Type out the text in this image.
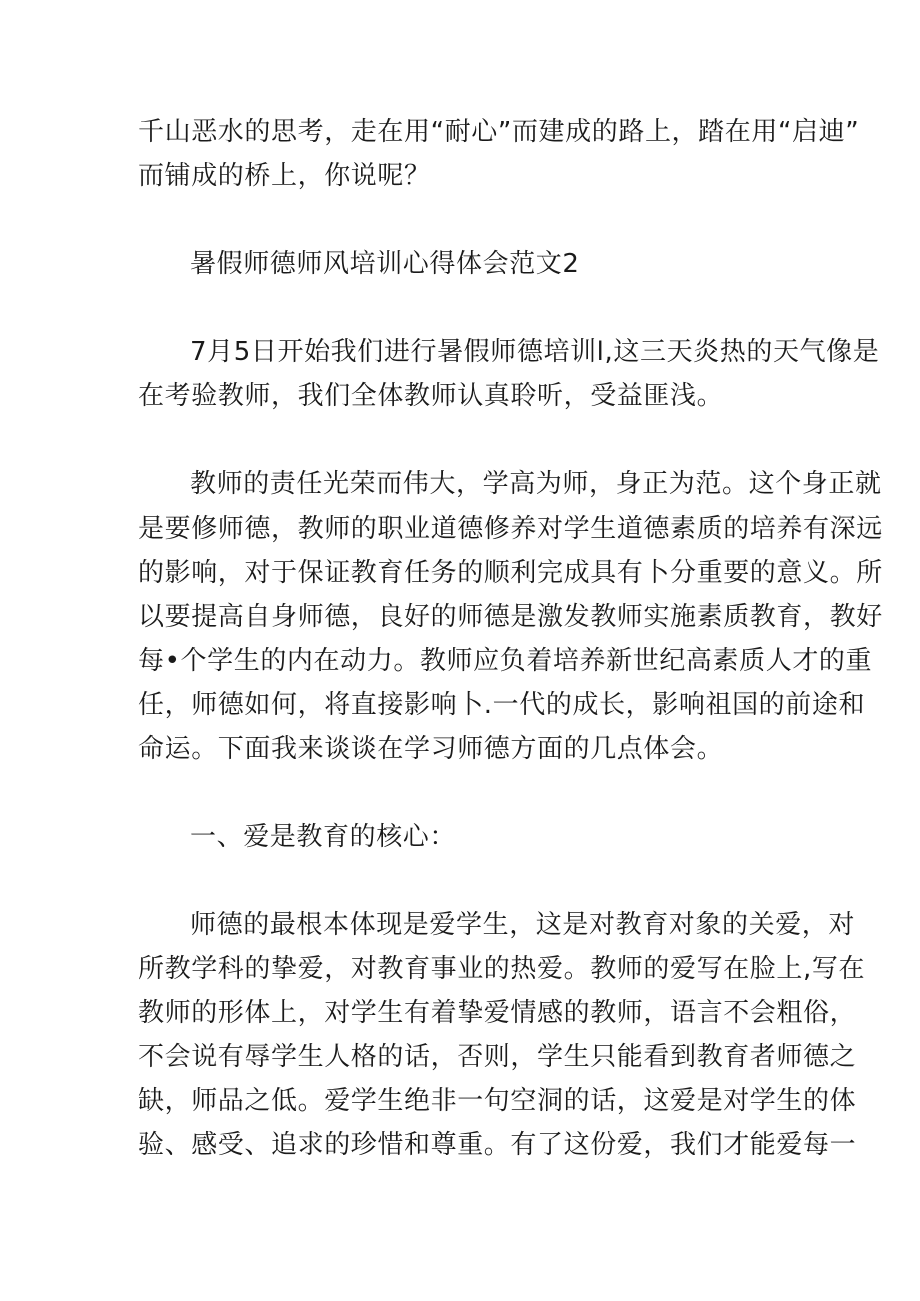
千山恶水的思考，走在用“耐心”而建成的路上，踏在用“启迪”
而铺成的桥上，你说呢？
暑假师德师风培训心得体会范文2
7月5日开始我们进行暑假师德培训l,这三天炎热的天气像是
在考验教师，我们全体教师认真聆听，受益匪浅。
教师的责任光荣而伟大，学高为师，身正为范。这个身正就
是要修师德，教师的职业道德修养对学生道德素质的培养有深远
的影响，对于保证教育任务的顺利完成具有卜分重要的意义。所
以要提高自身师德，良好的师德是激发教师实施素质教育，教好
每•个学生的内在动力。教师应负着培养新世纪高素质人才的重
任，师德如何，将直接影响卜.一代的成长，影响祖国的前途和
命运。下面我来谈谈在学习师德方面的几点体会。
一、爱是教育的核心：
师德的最根本体现是爱学生，这是对教育对象的关爱，对
所教学科的挚爱，对教育事业的热爱。教师的爱写在脸上,写在
教师的形体上，对学生有着挚爱情感的教师，语言不会粗俗，
不会说有辱学生人格的话，否则，学生只能看到教育者师德之
缺，师品之低。爱学生绝非一句空洞的话，这爱是对学生的体
验、感受、追求的珍惜和尊重。有了这份爱，我们才能爱每一
